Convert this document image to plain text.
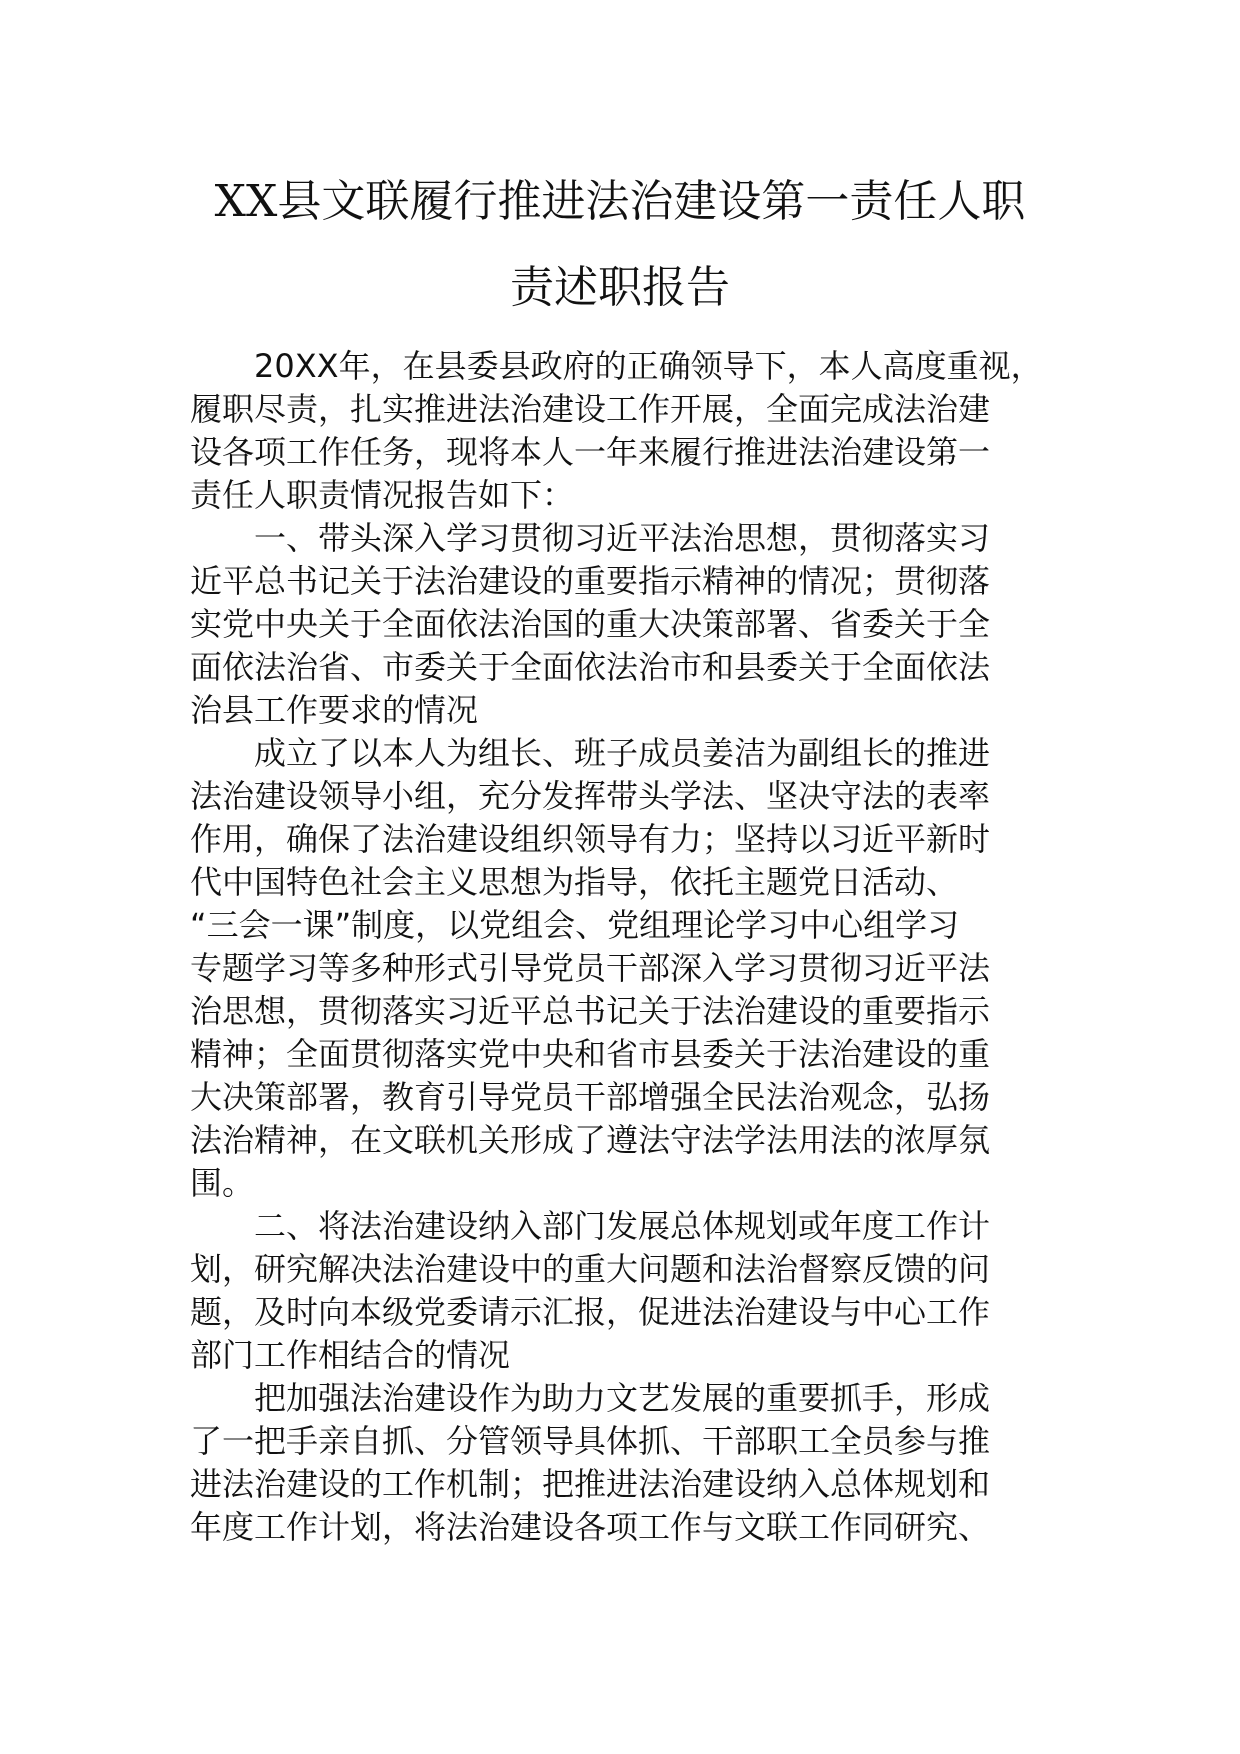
XX县文联履行推进法治建设第一责任人职
责述职报告
20XX年，在县委县政府的正确领导下，本人高度重视，
履职尽责，扎实推进法治建设工作开展，全面完成法治建
设各项工作任务，现将本人一年来履行推进法治建设第一
责任人职责情况报告如下：
一、带头深入学习贯彻习近平法治思想，贯彻落实习
近平总书记关于法治建设的重要指示精神的情况；贯彻落
实党中央关于全面依法治国的重大决策部署、省委关于全
面依法治省、市委关于全面依法治市和县委关于全面依法
治县工作要求的情况
成立了以本人为组长、班子成员姜洁为副组长的推进
法治建设领导小组，充分发挥带头学法、坚决守法的表率
作用，确保了法治建设组织领导有力；坚持以习近平新时
代中国特色社会主义思想为指导，依托主题党日活动、
“三会一课”制度，以党组会、党组理论学习中心组学习
专题学习等多种形式引导党员干部深入学习贯彻习近平法
治思想，贯彻落实习近平总书记关于法治建设的重要指示
精神；全面贯彻落实党中央和省市县委关于法治建设的重
大决策部署，教育引导党员干部增强全民法治观念，弘扬
法治精神，在文联机关形成了遵法守法学法用法的浓厚氛
围。
二、将法治建设纳入部门发展总体规划或年度工作计
划，研究解决法治建设中的重大问题和法治督察反馈的问
题，及时向本级党委请示汇报，促进法治建设与中心工作
部门工作相结合的情况
把加强法治建设作为助力文艺发展的重要抓手，形成
了一把手亲自抓、分管领导具体抓、干部职工全员参与推
进法治建设的工作机制；把推进法治建设纳入总体规划和
年度工作计划，将法治建设各项工作与文联工作同研究、
